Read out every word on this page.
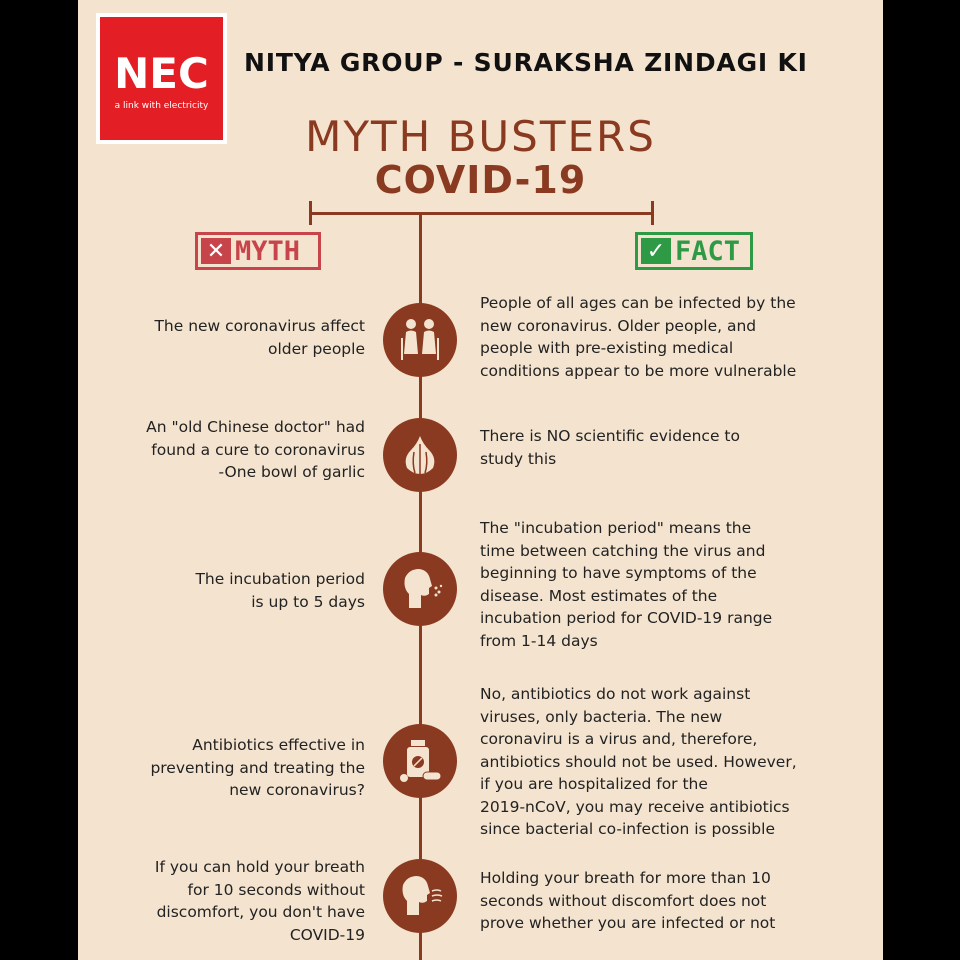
NEC
a link with electricity
NITYA GROUP - SURAKSHA ZINDAGI KI
MYTH BUSTERS
COVID-19
✕ MYTH	✓ FACT
The new coronavirus affect
older people
People of all ages can be infected by the
new coronavirus. Older people, and
people with pre-existing medical
conditions appear to be more vulnerable
An "old Chinese doctor" had
found a cure to coronavirus
-One bowl of garlic
There is NO scientific evidence to
study this
The incubation period
is up to 5 days
The "incubation period" means the
time between catching the virus and
beginning to have symptoms of the
disease. Most estimates of the
incubation period for COVID-19 range
from 1-14 days
Antibiotics effective in
preventing and treating the
new coronavirus?
No, antibiotics do not work against
viruses, only bacteria. The new
coronaviru is a virus and, therefore,
antibiotics should not be used. However,
if you are hospitalized for the
2019-nCoV, you may receive antibiotics
since bacterial co-infection is possible
If you can hold your breath
for 10 seconds without
discomfort, you don't have
COVID-19
Holding your breath for more than 10
seconds without discomfort does not
prove whether you are infected or not
